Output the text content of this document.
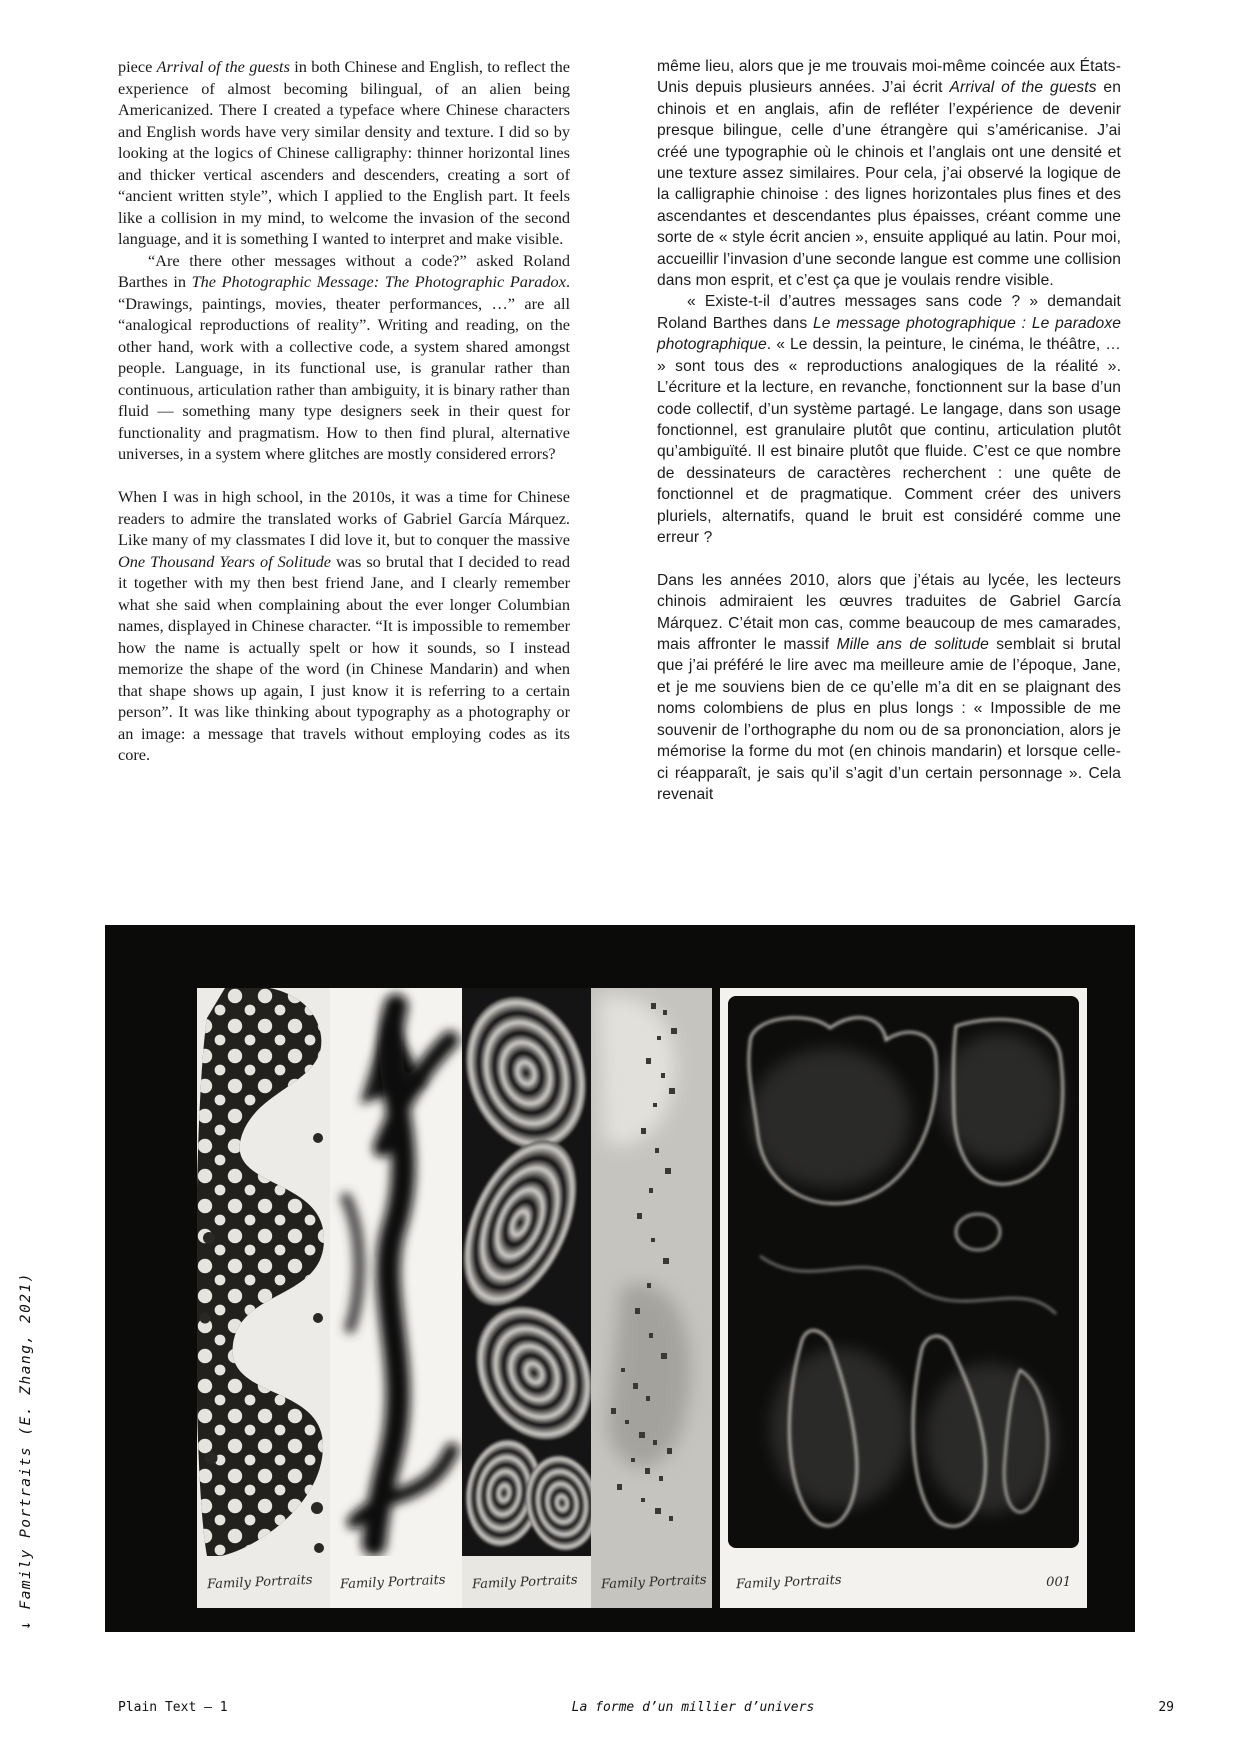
piece Arrival of the guests in both Chinese and English, to reflect the experience of almost becoming bilingual, of an alien being Americanized. There I created a typeface where Chinese characters and English words have very similar density and texture. I did so by looking at the logics of Chinese calligraphy: thinner horizontal lines and thicker vertical ascenders and descenders, creating a sort of “ancient written style”, which I applied to the English part. It feels like a collision in my mind, to welcome the invasion of the second language, and it is something I wanted to interpret and make visible.

“Are there other messages without a code?” asked Roland Barthes in The Photographic Message: The Photographic Paradox. “Drawings, paintings, movies, theater performances, …” are all “analogical reproductions of reality”. Writing and reading, on the other hand, work with a collective code, a system shared amongst people. Language, in its functional use, is granular rather than continuous, articulation rather than ambiguity, it is binary rather than fluid — something many type designers seek in their quest for functionality and pragmatism. How to then find plural, alternative universes, in a system where glitches are mostly considered errors?

When I was in high school, in the 2010s, it was a time for Chinese readers to admire the translated works of Gabriel García Márquez. Like many of my classmates I did love it, but to conquer the massive One Thousand Years of Solitude was so brutal that I decided to read it together with my then best friend Jane, and I clearly remember what she said when complaining about the ever longer Columbian names, displayed in Chinese character. “It is impossible to remember how the name is actually spelt or how it sounds, so I instead memorize the shape of the word (in Chinese Mandarin) and when that shape shows up again, I just know it is referring to a certain person”. It was like thinking about typography as a photography or an image: a message that travels without employing codes as its core.

même lieu, alors que je me trouvais moi-même coincée aux États-Unis depuis plusieurs années. J’ai écrit Arrival of the guests en chinois et en anglais, afin de refléter l’expérience de devenir presque bilingue, celle d’une étrangère qui s’américanise. J’ai créé une typographie où le chinois et l’anglais ont une densité et une texture assez similaires. Pour cela, j’ai observé la logique de la calligraphie chinoise : des lignes horizontales plus fines et des ascendantes et descendantes plus épaisses, créant comme une sorte de « style écrit ancien », ensuite appliqué au latin. Pour moi, accueillir l’invasion d’une seconde langue est comme une collision dans mon esprit, et c’est ça que je voulais rendre visible.

« Existe-t-il d’autres messages sans code ? » demandait Roland Barthes dans Le message photographique : Le paradoxe photographique. « Le dessin, la peinture, le cinéma, le théâtre, … » sont tous des « reproductions analogiques de la réalité ». L’écriture et la lecture, en revanche, fonctionnent sur la base d’un code collectif, d’un système partagé. Le langage, dans son usage fonctionnel, est granulaire plutôt que continu, articulation plutôt qu’ambiguïté. Il est binaire plutôt que fluide. C’est ce que nombre de dessinateurs de caractères recherchent : une quête de fonctionnel et de pragmatique. Comment créer des univers pluriels, alternatifs, quand le bruit est considéré comme une erreur ?

Dans les années 2010, alors que j’étais au lycée, les lecteurs chinois admiraient les œuvres traduites de Gabriel García Márquez. C’était mon cas, comme beaucoup de mes camarades, mais affronter le massif Mille ans de solitude semblait si brutal que j’ai préféré le lire avec ma meilleure amie de l’époque, Jane, et je me souviens bien de ce qu’elle m’a dit en se plaignant des noms colombiens de plus en plus longs : « Impossible de me souvenir de l’orthographe du nom ou de sa prononciation, alors je mémorise la forme du mot (en chinois mandarin) et lorsque celle-ci réapparaît, je sais qu’il s’agit d’un certain personnage ». Cela revenait

Family Portraits Family Portraits Family Portraits Family Portraits Family Portraits	001
↓ Family Portraits (E. Zhang, 2021)
Plain Text – 1	La forme d’un millier d’univers	29
